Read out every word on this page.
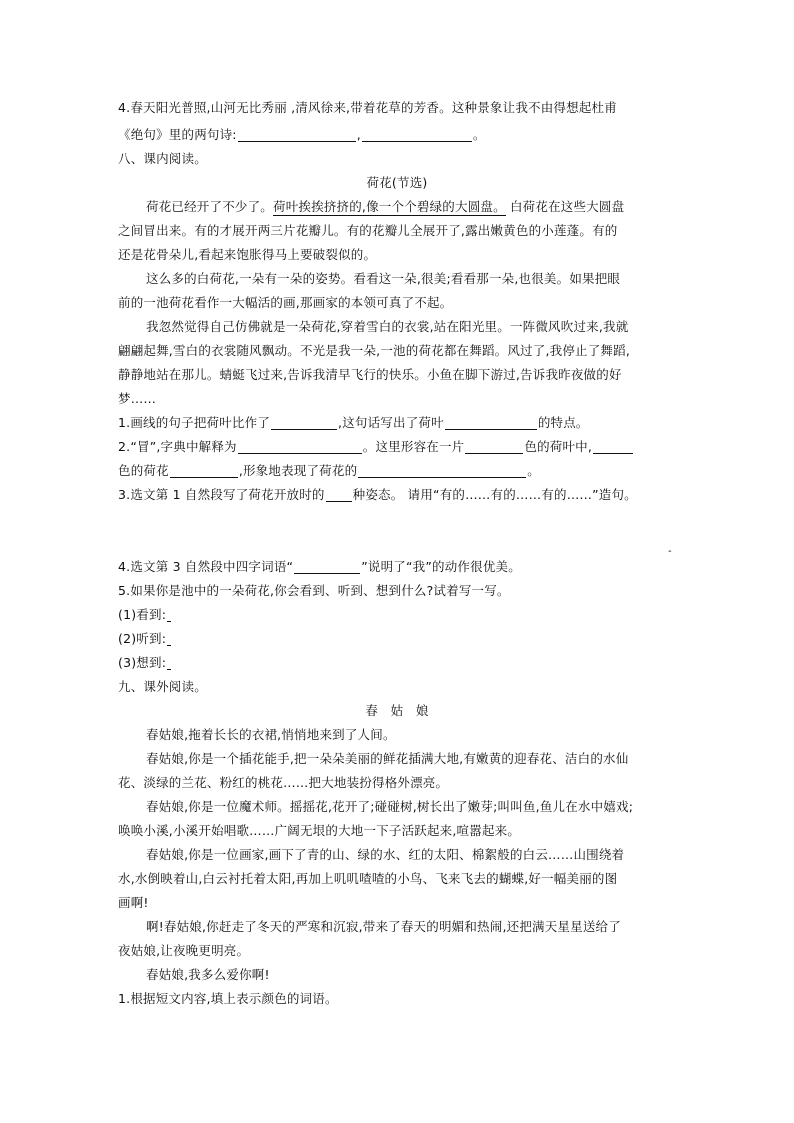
4.春天阳光普照,山河无比秀丽 ,清风徐来,带着花草的芳香。这种景象让我不由得想起杜甫
《绝句》里的两句诗:	,	。
八、课内阅读。
荷花(节选)
荷花已经开了不少了。荷叶挨挨挤挤的,像一个个碧绿的大圆盘。 白荷花在这些大圆盘
之间冒出来。有的才展开两三片花瓣儿。有的花瓣儿全展开了,露出嫩黄色的小莲蓬。有的
还是花骨朵儿,看起来饱胀得马上要破裂似的。
这么多的白荷花,一朵有一朵的姿势。看看这一朵,很美;看看那一朵,也很美。如果把眼
前的一池荷花看作一大幅活的画,那画家的本领可真了不起。
我忽然觉得自己仿佛就是一朵荷花,穿着雪白的衣裳,站在阳光里。一阵微风吹过来,我就
翩翩起舞,雪白的衣裳随风飘动。不光是我一朵,一池的荷花都在舞蹈。风过了,我停止了舞蹈,
静静地站在那儿。蜻蜓飞过来,告诉我清早飞行的快乐。小鱼在脚下游过,告诉我昨夜做的好
梦……
1.画线的句子把荷叶比作了	,这句话写出了荷叶	的特点。
2.“冒”,字典中解释为	。这里形容在一片	色的荷叶中,
色的荷花	,形象地表现了荷花的	。
3.选文第 1 自然段写了荷花开放时的 种姿态。 请用“有的……有的……有的……”造句。
-
4.选文第 3 自然段中四字词语“	”说明了“我”的动作很优美。
5.如果你是池中的一朵荷花,你会看到、听到、想到什么?试着写一写。
(1)看到:
(2)听到:
(3)想到:
九、课外阅读。
春   姑   娘
春姑娘,拖着长长的衣裙,悄悄地来到了人间。
春姑娘,你是一个插花能手,把一朵朵美丽的鲜花插满大地,有嫩黄的迎春花、洁白的水仙
花、淡绿的兰花、粉红的桃花……把大地装扮得格外漂亮。
春姑娘,你是一位魔术师。摇摇花,花开了;碰碰树,树长出了嫩芽;叫叫鱼,鱼儿在水中嬉戏;
唤唤小溪,小溪开始唱歌……广阔无垠的大地一下子活跃起来,喧嚣起来。
春姑娘,你是一位画家,画下了青的山、绿的水、红的太阳、棉絮般的白云……山围绕着
水,水倒映着山,白云衬托着太阳,再加上叽叽喳喳的小鸟、飞来飞去的蝴蝶,好一幅美丽的图
画啊!
啊!春姑娘,你赶走了冬天的严寒和沉寂,带来了春天的明媚和热闹,还把满天星星送给了
夜姑娘,让夜晚更明亮。
春姑娘,我多么爱你啊!
1.根据短文内容,填上表示颜色的词语。
